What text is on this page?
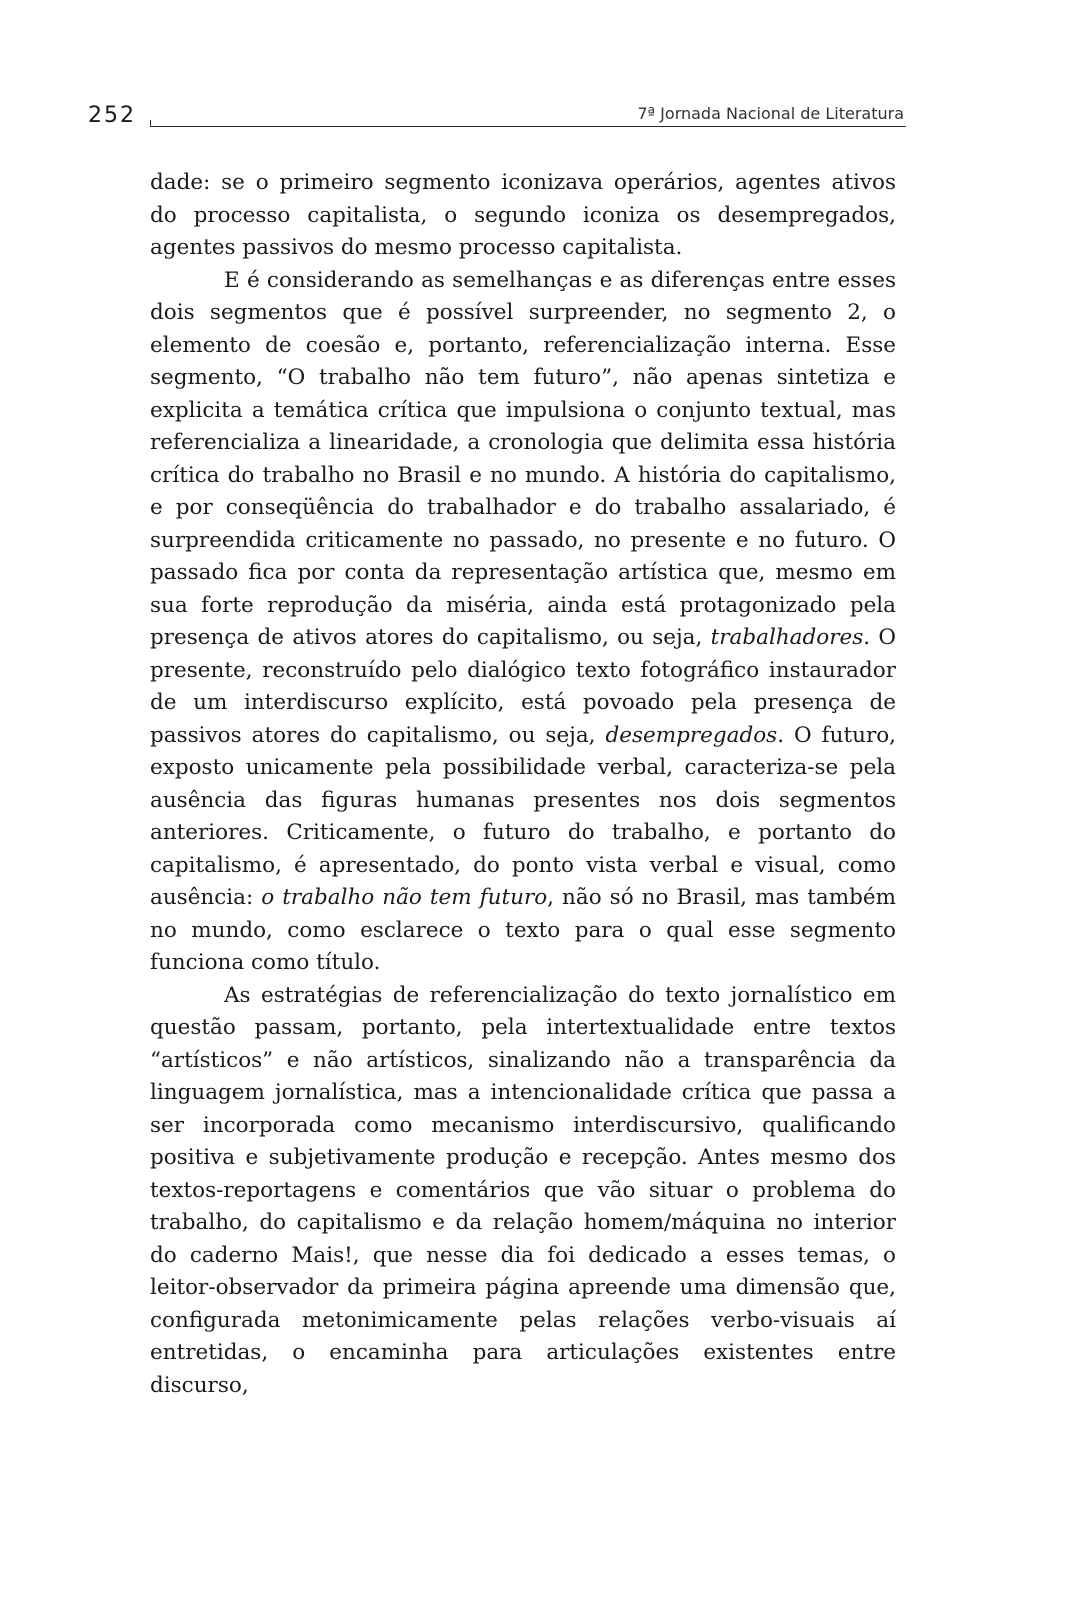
252	7ª Jornada Nacional de Literatura

dade: se o primeiro segmento iconizava operários, agentes ativos do processo capitalista, o segundo iconiza os desempregados, agentes passivos do mesmo processo capitalista.

E é considerando as semelhanças e as diferenças entre esses dois segmentos que é possível surpreender, no segmento 2, o elemento de coesão e, portanto, referencialização interna. Esse segmento, “O trabalho não tem futuro”, não apenas sintetiza e explicita a temática crítica que impulsiona o conjunto textual, mas referencializa a linearidade, a cronologia que delimita essa história crítica do trabalho no Brasil e no mundo. A história do capitalismo, e por conseqüência do trabalhador e do trabalho assalariado, é surpreendida criticamente no passado, no presente e no futuro. O passado fica por conta da representação artística que, mesmo em sua forte reprodução da miséria, ainda está protagonizado pela presença de ativos atores do capitalismo, ou seja, trabalhadores. O presente, reconstruído pelo dialógico texto fotográfico instaurador de um interdiscurso explícito, está povoado pela presença de passivos atores do capitalismo, ou seja, desempregados. O futuro, exposto unicamente pela possibilidade verbal, caracteriza-se pela ausência das figuras humanas presentes nos dois segmentos anteriores. Criticamente, o futuro do trabalho, e portanto do capitalismo, é apresentado, do ponto vista verbal e visual, como ausência: o trabalho não tem futuro, não só no Brasil, mas também no mundo, como esclarece o texto para o qual esse segmento funciona como título.

As estratégias de referencialização do texto jornalístico em questão passam, portanto, pela intertextualidade entre textos “artísticos” e não artísticos, sinalizando não a transparência da linguagem jornalística, mas a intencionalidade crítica que passa a ser incorporada como mecanismo interdiscursivo, qualificando positiva e subjetivamente produção e recepção. Antes mesmo dos textos-reportagens e comentários que vão situar o problema do trabalho, do capitalismo e da relação homem/máquina no interior do caderno Mais!, que nesse dia foi dedicado a esses temas, o leitor-observador da primeira página apreende uma dimensão que, configurada metonimicamente pelas relações verbo-visuais aí entretidas, o encaminha para articulações existentes entre discurso,
